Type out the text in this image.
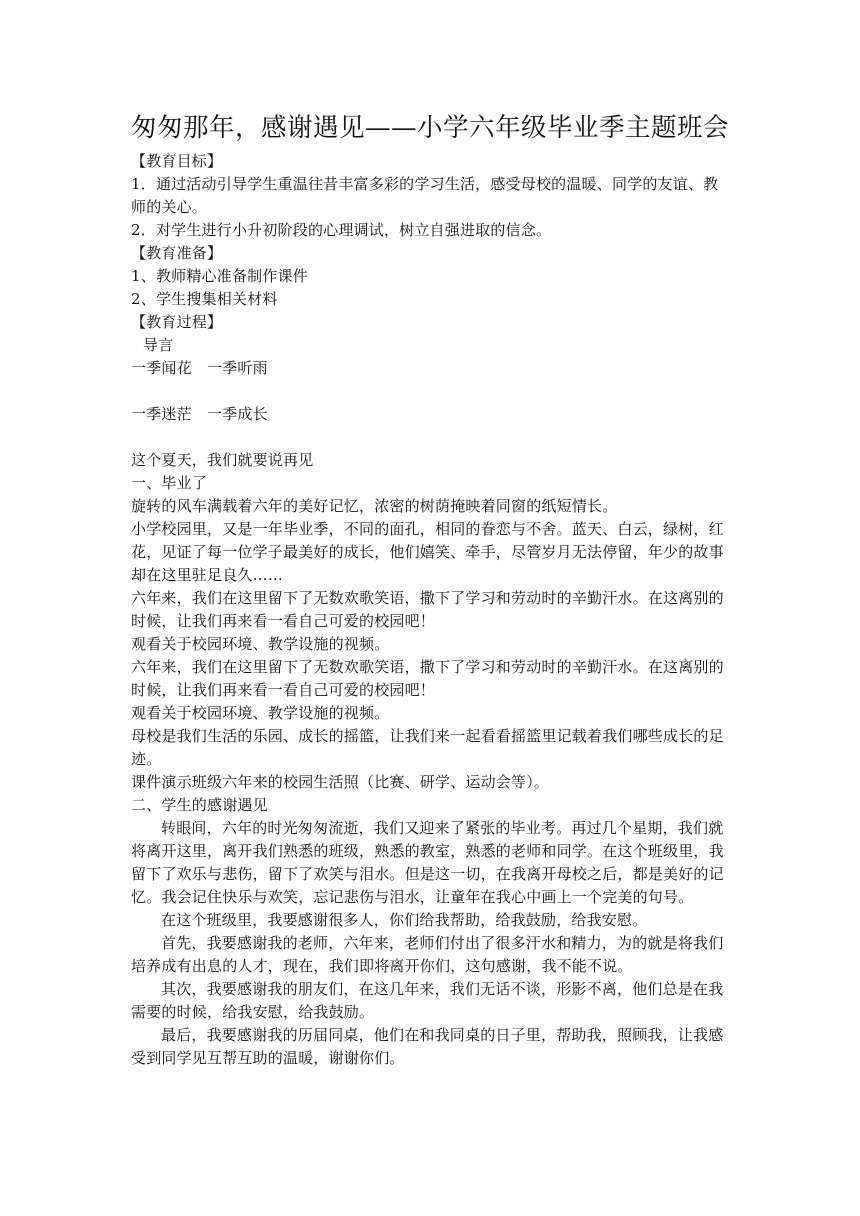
匆匆那年，感谢遇见——小学六年级毕业季主题班会

【教育目标】

1．通过活动引导学生重温往昔丰富多彩的学习生活，感受母校的温暖、同学的友谊、教师的关心。

2．对学生进行小升初阶段的心理调试，树立自强进取的信念。

【教育准备】

1、教师精心准备制作课件

2、学生搜集相关材料

【教育过程】

导言

一季闻花　一季听雨

一季迷茫　一季成长

这个夏天，我们就要说再见

一、毕业了

旋转的风车满载着六年的美好记忆，浓密的树荫掩映着同窗的纸短情长。

小学校园里，又是一年毕业季，不同的面孔，相同的眷恋与不舍。蓝天、白云，绿树，红花，见证了每一位学子最美好的成长，他们嬉笑、牵手，尽管岁月无法停留，年少的故事却在这里驻足良久……

六年来，我们在这里留下了无数欢歌笑语，撒下了学习和劳动时的辛勤汗水。在这离别的时候，让我们再来看一看自己可爱的校园吧！

观看关于校园环境、教学设施的视频。

六年来，我们在这里留下了无数欢歌笑语，撒下了学习和劳动时的辛勤汗水。在这离别的时候，让我们再来看一看自己可爱的校园吧！

观看关于校园环境、教学设施的视频。

母校是我们生活的乐园、成长的摇篮，让我们来一起看看摇篮里记载着我们哪些成长的足迹。

课件演示班级六年来的校园生活照（比赛、研学、运动会等）。

二、学生的感谢遇见

转眼间，六年的时光匆匆流逝，我们又迎来了紧张的毕业考。再过几个星期，我们就将离开这里，离开我们熟悉的班级，熟悉的教室，熟悉的老师和同学。在这个班级里，我留下了欢乐与悲伤，留下了欢笑与泪水。但是这一切，在我离开母校之后，都是美好的记忆。我会记住快乐与欢笑，忘记悲伤与泪水，让童年在我心中画上一个完美的句号。

在这个班级里，我要感谢很多人，你们给我帮助，给我鼓励，给我安慰。

首先，我要感谢我的老师，六年来，老师们付出了很多汗水和精力，为的就是将我们培养成有出息的人才，现在，我们即将离开你们，这句感谢，我不能不说。

其次，我要感谢我的朋友们，在这几年来，我们无话不谈，形影不离，他们总是在我需要的时候，给我安慰，给我鼓励。

最后，我要感谢我的历届同桌，他们在和我同桌的日子里，帮助我，照顾我，让我感受到同学见互帮互助的温暖，谢谢你们。
